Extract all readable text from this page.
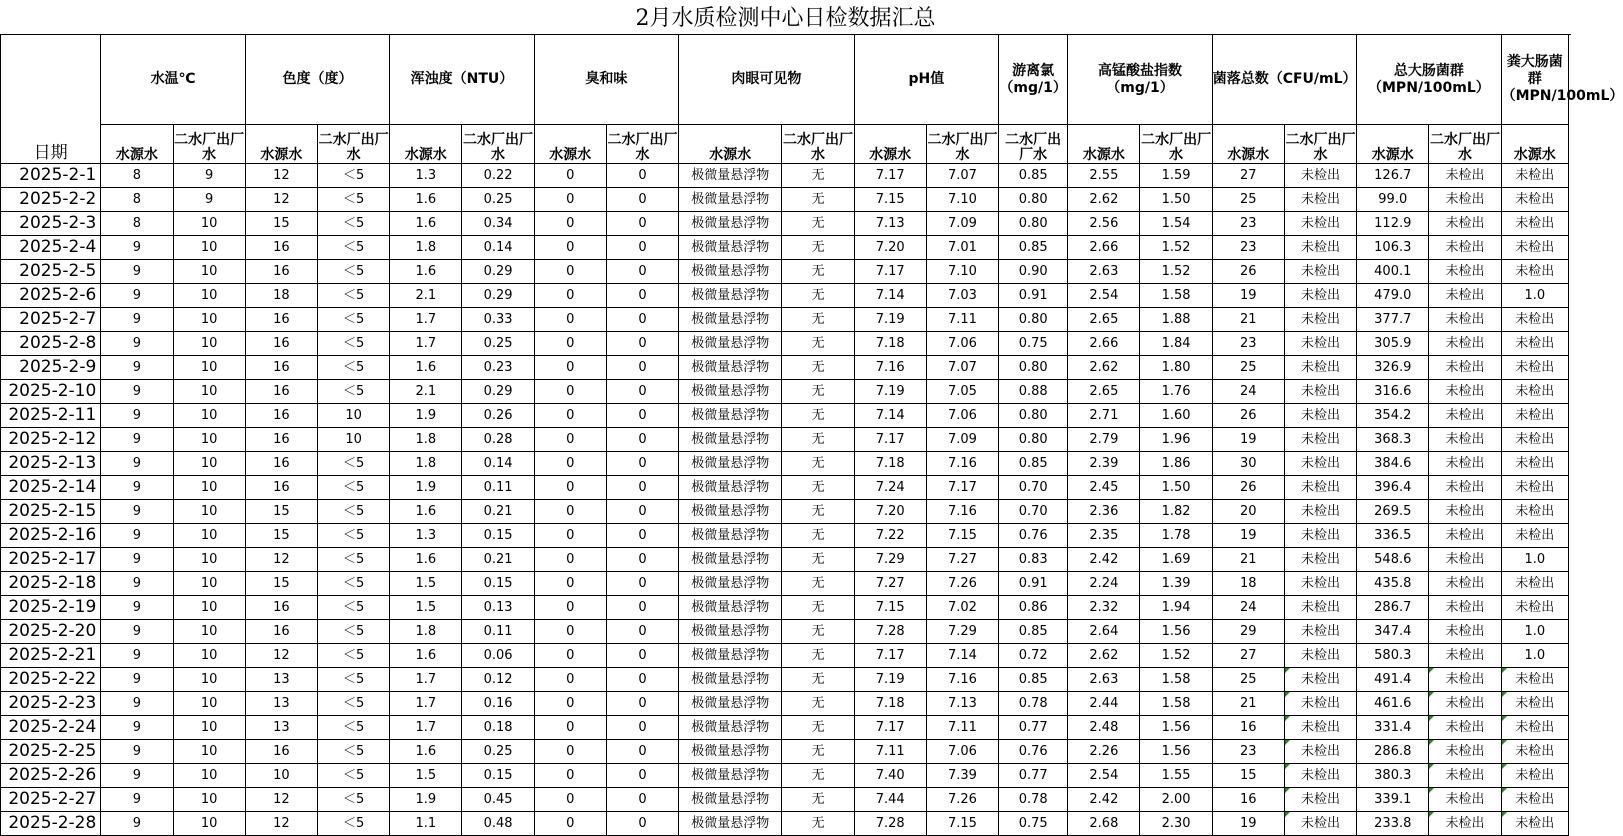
2月水质检测中心日检数据汇总
日期	水温℃		色度（度）		浑浊度（NTU）		臭和味		肉眼可见物		pH值		游离氯（mg/1）	高锰酸盐指数（mg/1）		菌落总数（CFU/mL）		总大肠菌群（MPN/100mL）		粪大肠菌群（MPN/100mL）
	水源水	二水厂出厂水	水源水	二水厂出厂水	水源水	二水厂出厂水	水源水	二水厂出厂水	水源水	二水厂出厂水	水源水	二水厂出厂水	二水厂出厂水	水源水	二水厂出厂水	水源水	二水厂出厂水	水源水	二水厂出厂水	水源水
2025-2-1	8	9	12	＜5	1.3	0.22	0	0	极微量悬浮物	无	7.17	7.07	0.85	2.55	1.59	27	未检出	126.7	未检出	未检出
2025-2-2	8	9	12	＜5	1.6	0.25	0	0	极微量悬浮物	无	7.15	7.10	0.80	2.62	1.50	25	未检出	99.0	未检出	未检出
2025-2-3	8	10	15	＜5	1.6	0.34	0	0	极微量悬浮物	无	7.13	7.09	0.80	2.56	1.54	23	未检出	112.9	未检出	未检出
2025-2-4	9	10	16	＜5	1.8	0.14	0	0	极微量悬浮物	无	7.20	7.01	0.85	2.66	1.52	23	未检出	106.3	未检出	未检出
2025-2-5	9	10	16	＜5	1.6	0.29	0	0	极微量悬浮物	无	7.17	7.10	0.90	2.63	1.52	26	未检出	400.1	未检出	未检出
2025-2-6	9	10	18	＜5	2.1	0.29	0	0	极微量悬浮物	无	7.14	7.03	0.91	2.54	1.58	19	未检出	479.0	未检出	1.0
2025-2-7	9	10	16	＜5	1.7	0.33	0	0	极微量悬浮物	无	7.19	7.11	0.80	2.65	1.88	21	未检出	377.7	未检出	未检出
2025-2-8	9	10	16	＜5	1.7	0.25	0	0	极微量悬浮物	无	7.18	7.06	0.75	2.66	1.84	23	未检出	305.9	未检出	未检出
2025-2-9	9	10	16	＜5	1.6	0.23	0	0	极微量悬浮物	无	7.16	7.07	0.80	2.62	1.80	25	未检出	326.9	未检出	未检出
2025-2-10	9	10	16	＜5	2.1	0.29	0	0	极微量悬浮物	无	7.19	7.05	0.88	2.65	1.76	24	未检出	316.6	未检出	未检出
2025-2-11	9	10	16	10	1.9	0.26	0	0	极微量悬浮物	无	7.14	7.06	0.80	2.71	1.60	26	未检出	354.2	未检出	未检出
2025-2-12	9	10	16	10	1.8	0.28	0	0	极微量悬浮物	无	7.17	7.09	0.80	2.79	1.96	19	未检出	368.3	未检出	未检出
2025-2-13	9	10	16	＜5	1.8	0.14	0	0	极微量悬浮物	无	7.18	7.16	0.85	2.39	1.86	30	未检出	384.6	未检出	未检出
2025-2-14	9	10	16	＜5	1.9	0.11	0	0	极微量悬浮物	无	7.24	7.17	0.70	2.45	1.50	26	未检出	396.4	未检出	未检出
2025-2-15	9	10	15	＜5	1.6	0.21	0	0	极微量悬浮物	无	7.20	7.16	0.70	2.36	1.82	20	未检出	269.5	未检出	未检出
2025-2-16	9	10	15	＜5	1.3	0.15	0	0	极微量悬浮物	无	7.22	7.15	0.76	2.35	1.78	19	未检出	336.5	未检出	未检出
2025-2-17	9	10	12	＜5	1.6	0.21	0	0	极微量悬浮物	无	7.29	7.27	0.83	2.42	1.69	21	未检出	548.6	未检出	1.0
2025-2-18	9	10	15	＜5	1.5	0.15	0	0	极微量悬浮物	无	7.27	7.26	0.91	2.24	1.39	18	未检出	435.8	未检出	未检出
2025-2-19	9	10	16	＜5	1.5	0.13	0	0	极微量悬浮物	无	7.15	7.02	0.86	2.32	1.94	24	未检出	286.7	未检出	未检出
2025-2-20	9	10	16	＜5	1.8	0.11	0	0	极微量悬浮物	无	7.28	7.29	0.85	2.64	1.56	29	未检出	347.4	未检出	1.0
2025-2-21	9	10	12	＜5	1.6	0.06	0	0	极微量悬浮物	无	7.17	7.14	0.72	2.62	1.52	27	未检出	580.3	未检出	1.0
2025-2-22	9	10	13	＜5	1.7	0.12	0	0	极微量悬浮物	无	7.19	7.16	0.85	2.63	1.58	25	未检出	491.4	未检出	未检出
2025-2-23	9	10	13	＜5	1.7	0.16	0	0	极微量悬浮物	无	7.18	7.13	0.78	2.44	1.58	21	未检出	461.6	未检出	未检出
2025-2-24	9	10	13	＜5	1.7	0.18	0	0	极微量悬浮物	无	7.17	7.11	0.77	2.48	1.56	16	未检出	331.4	未检出	未检出
2025-2-25	9	10	16	＜5	1.6	0.25	0	0	极微量悬浮物	无	7.11	7.06	0.76	2.26	1.56	23	未检出	286.8	未检出	未检出
2025-2-26	9	10	10	＜5	1.5	0.15	0	0	极微量悬浮物	无	7.40	7.39	0.77	2.54	1.55	15	未检出	380.3	未检出	未检出
2025-2-27	9	10	12	＜5	1.9	0.45	0	0	极微量悬浮物	无	7.44	7.26	0.78	2.42	2.00	16	未检出	339.1	未检出	未检出
2025-2-28	9	10	12	＜5	1.1	0.48	0	0	极微量悬浮物	无	7.28	7.15	0.75	2.68	2.30	19	未检出	233.8	未检出	未检出
